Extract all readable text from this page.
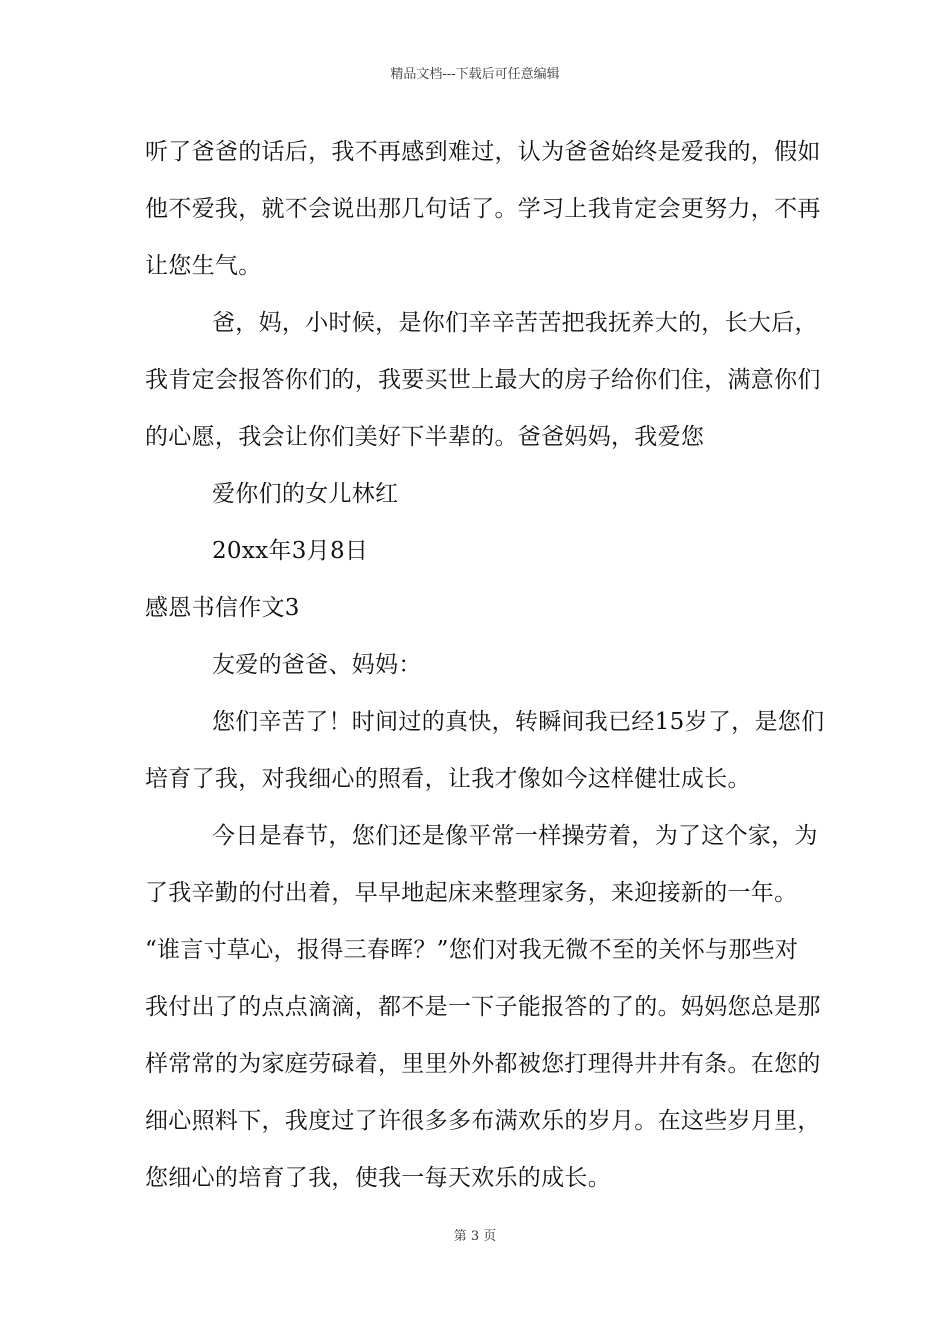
精品文档---下载后可任意编辑
听了爸爸的话后，我不再感到难过，认为爸爸始终是爱我的，假如
他不爱我，就不会说出那几句话了。学习上我肯定会更努力，不再
让您生气。
爸，妈，小时候，是你们辛辛苦苦把我抚养大的，长大后，
我肯定会报答你们的，我要买世上最大的房子给你们住，满意你们
的心愿，我会让你们美好下半辈的。爸爸妈妈，我爱您
爱你们的女儿林红
20xx年3月8日
感恩书信作文3
友爱的爸爸、妈妈：
您们辛苦了！时间过的真快，转瞬间我已经15岁了，是您们
培育了我，对我细心的照看，让我才像如今这样健壮成长。
今日是春节，您们还是像平常一样操劳着，为了这个家，为
了我辛勤的付出着，早早地起床来整理家务，来迎接新的一年。
“谁言寸草心，报得三春晖？”您们对我无微不至的关怀与那些对
我付出了的点点滴滴，都不是一下子能报答的了的。妈妈您总是那
样常常的为家庭劳碌着，里里外外都被您打理得井井有条。在您的
细心照料下，我度过了许很多多布满欢乐的岁月。在这些岁月里，
您细心的培育了我，使我一每天欢乐的成长。
第 3 页
